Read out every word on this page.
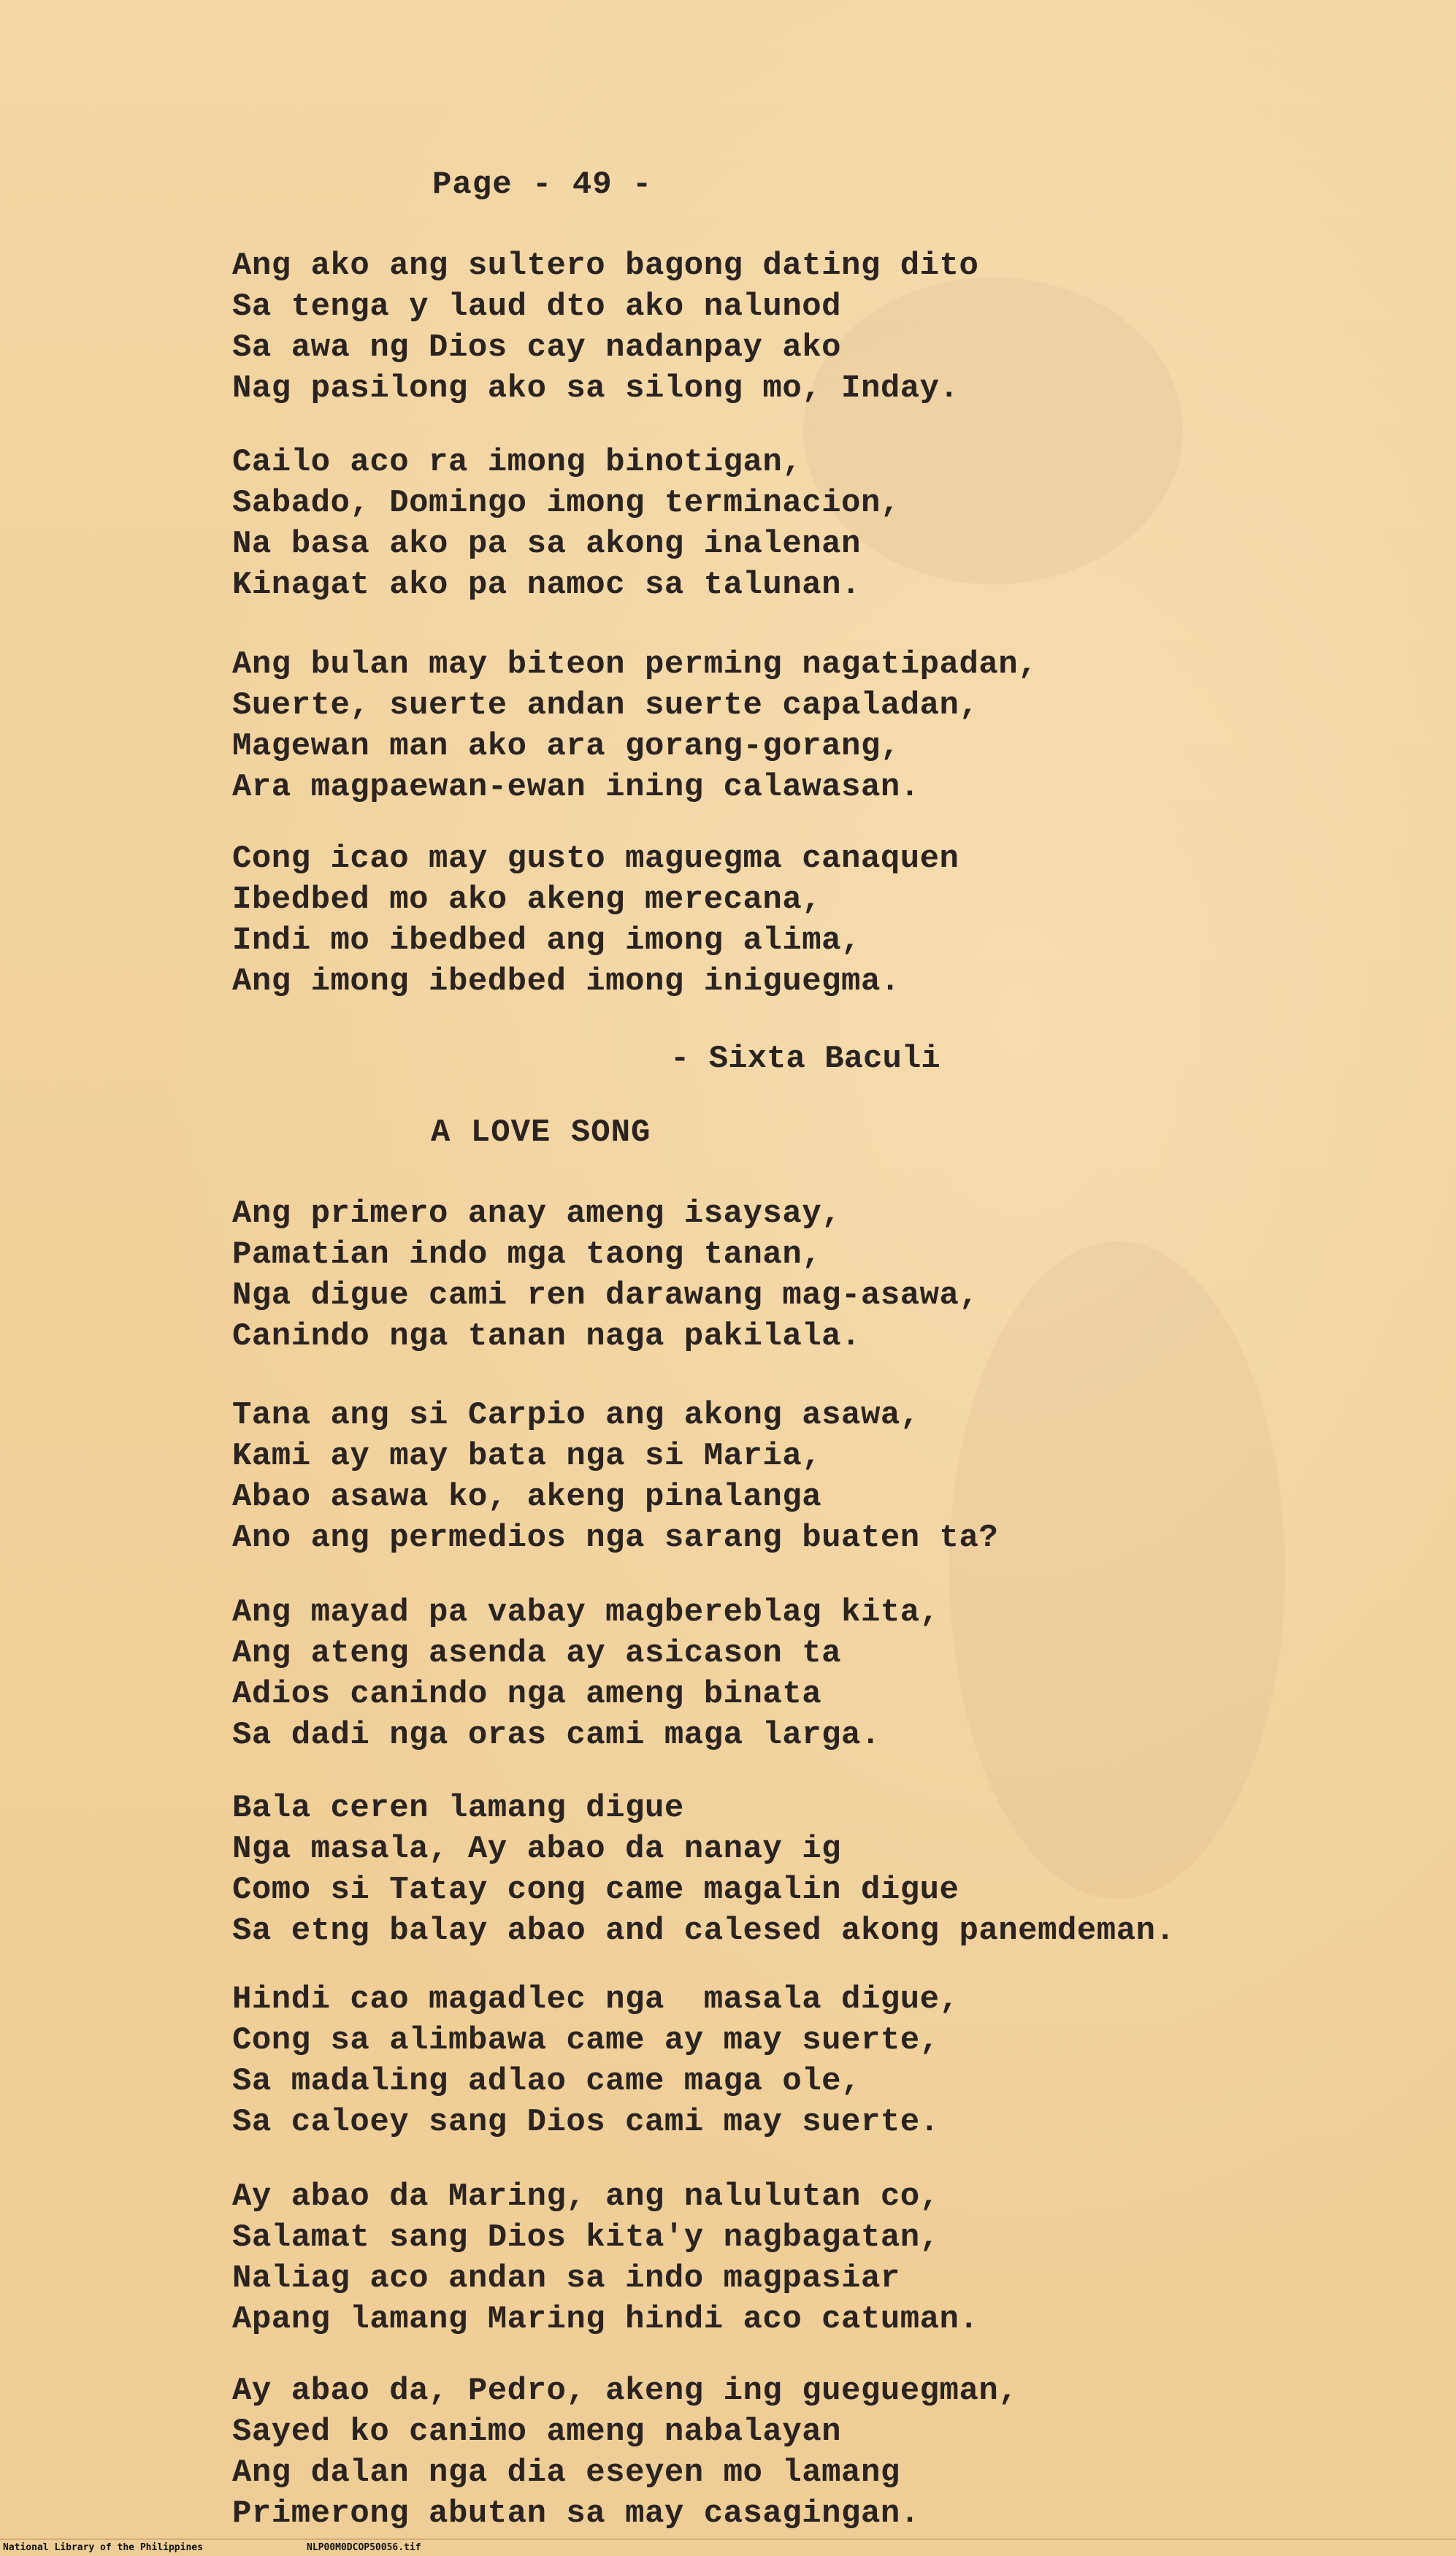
Page - 49 -
Ang ako ang sultero bagong dating dito
Sa tenga y laud dto ako nalunod
Sa awa ng Dios cay nadanpay ako
Nag pasilong ako sa silong mo, Inday.
Cailo aco ra imong binotigan,
Sabado, Domingo imong terminacion,
Na basa ako pa sa akong inalenan
Kinagat ako pa namoc sa talunan.
Ang bulan may biteon perming nagatipadan,
Suerte, suerte andan suerte capaladan,
Magewan man ako ara gorang-gorang,
Ara magpaewan-ewan ining calawasan.
Cong icao may gusto maguegma canaquen
Ibedbed mo ako akeng merecana,
Indi mo ibedbed ang imong alima,
Ang imong ibedbed imong iniguegma.
- Sixta Baculi
A LOVE SONG
Ang primero anay ameng isaysay,
Pamatian indo mga taong tanan,
Nga digue cami ren darawang mag-asawa,
Canindo nga tanan naga pakilala.
Tana ang si Carpio ang akong asawa,
Kami ay may bata nga si Maria,
Abao asawa ko, akeng pinalanga
Ano ang permedios nga sarang buaten ta?
Ang mayad pa vabay magbereblag kita,
Ang ateng asenda ay asicason ta
Adios canindo nga ameng binata
Sa dadi nga oras cami maga larga.
Bala ceren lamang digue
Nga masala, Ay abao da nanay ig
Como si Tatay cong came magalin digue
Sa etng balay abao and calesed akong panemdeman.
Hindi cao magadlec nga  masala digue,
Cong sa alimbawa came ay may suerte,
Sa madaling adlao came maga ole,
Sa caloey sang Dios cami may suerte.
Ay abao da Maring, ang nalulutan co,
Salamat sang Dios kita'y nagbagatan,
Naliag aco andan sa indo magpasiar
Apang lamang Maring hindi aco catuman.
Ay abao da, Pedro, akeng ing gueguegman,
Sayed ko canimo ameng nabalayan
Ang dalan nga dia eseyen mo lamang
Primerong abutan sa may casagingan.
National Library of the Philippines	NLP00M0DCOP50056.tif
